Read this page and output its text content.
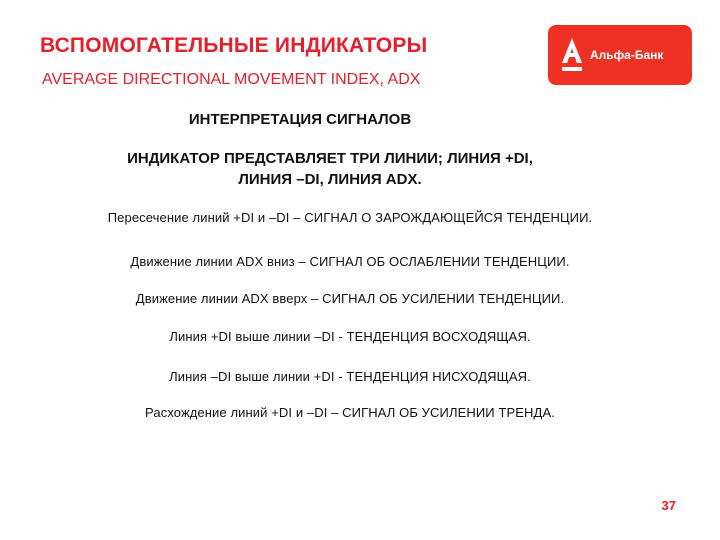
ВСПОМОГАТЕЛЬНЫЕ ИНДИКАТОРЫ
AVERAGE DIRECTIONAL MOVEMENT INDEX, ADX
Альфа-Банк
ИНТЕРПРЕТАЦИЯ СИГНАЛОВ
ИНДИКАТОР ПРЕДСТАВЛЯЕТ ТРИ ЛИНИИ; ЛИНИЯ +DI,
ЛИНИЯ –DI, ЛИНИЯ ADX.
Пересечение линий +DI и –DI – СИГНАЛ О ЗАРОЖДАЮЩЕЙСЯ ТЕНДЕНЦИИ.
Движение линии ADX вниз – СИГНАЛ ОБ ОСЛАБЛЕНИИ ТЕНДЕНЦИИ.
Движение линии ADX вверх – СИГНАЛ ОБ УСИЛЕНИИ ТЕНДЕНЦИИ.
Линия +DI выше линии –DI - ТЕНДЕНЦИЯ ВОСХОДЯЩАЯ.
Линия –DI выше линии +DI - ТЕНДЕНЦИЯ НИСХОДЯЩАЯ.
Расхождение линий +DI и –DI – СИГНАЛ ОБ УСИЛЕНИИ ТРЕНДА.
37
